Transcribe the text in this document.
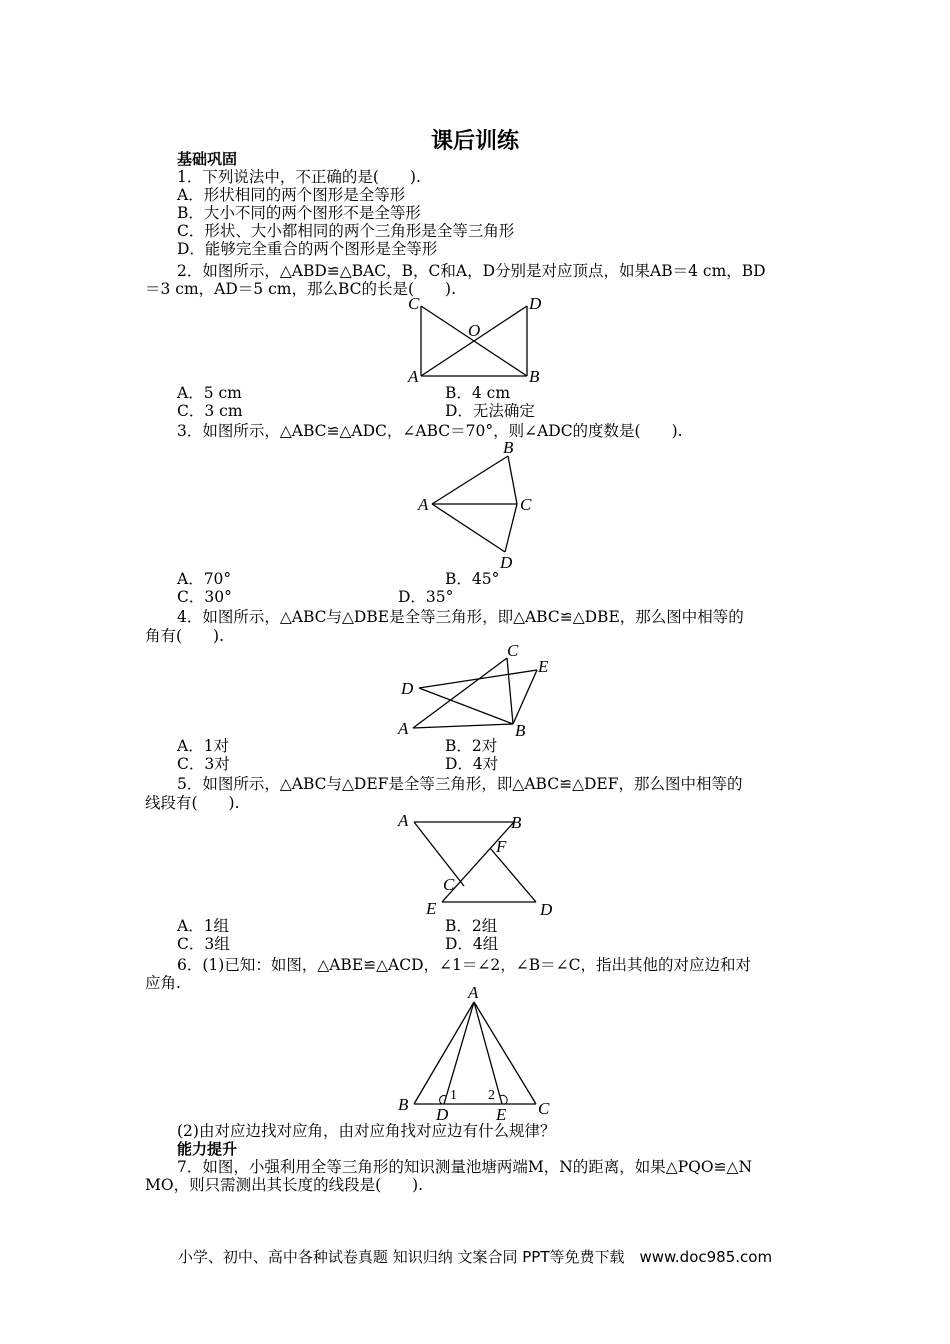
课后训练
基础巩固
1．下列说法中，不正确的是(　　).
A．形状相同的两个图形是全等形
B．大小不同的两个图形不是全等形
C．形状、大小都相同的两个三角形是全等三角形
D．能够完全重合的两个图形是全等形
2．如图所示，△ABD≌△BAC，B，C和A，D分别是对应顶点，如果AB＝4 cm，BD
＝3 cm，AD＝5 cm，那么BC的长是(　　).
C	D
O
A	B
A．5 cm	B．4 cm
C．3 cm	D．无法确定
3．如图所示，△ABC≌△ADC，∠ABC＝70°，则∠ADC的度数是(　　).
A
B
C
D
A．70°	B．45°
C．30°	D．35°
4．如图所示，△ABC与△DBE是全等三角形，即△ABC≌△DBE，那么图中相等的
角有(　　).
A	B
C
D
E
A．1对	B．2对
C．3对	D．4对
5．如图所示，△ABC与△DEF是全等三角形，即△ABC≌△DEF，那么图中相等的
线段有(　　).
A	B
C
D
E
F
A．1组	B．2组
C．3组	D．4组
6．(1)已知：如图，△ABE≌△ACD，∠1＝∠2，∠B＝∠C，指出其他的对应边和对
应角.	A
B	C
D	E
1 2
(2)由对应边找对应角，由对应角找对应边有什么规律？
能力提升
7．如图，小强利用全等三角形的知识测量池塘两端M，N的距离，如果△PQO≌△N
MO，则只需测出其长度的线段是(　　).
小学、初中、高中各种试卷真题 知识归纳 文案合同 PPT等免费下载　www.doc985.com
